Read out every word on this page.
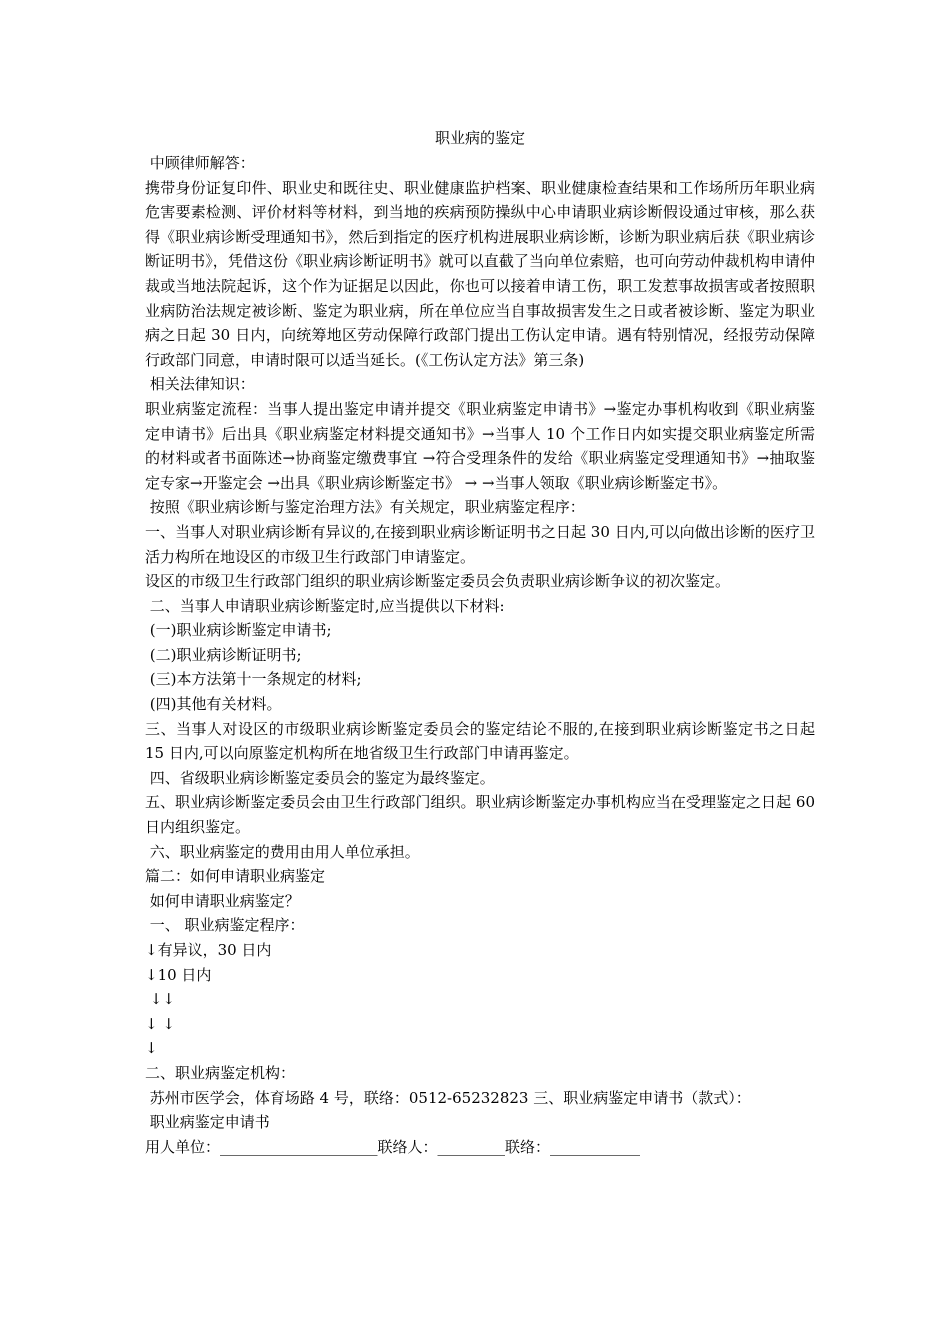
职业病的鉴定

中顾律师解答：

携带身份证复印件、职业史和既往史、职业健康监护档案、职业健康检查结果和工作场所历年职业病危害要素检测、评价材料等材料，到当地的疾病预防操纵中心申请职业病诊断假设通过审核，那么获得《职业病诊断受理通知书》，然后到指定的医疗机构进展职业病诊断，诊断为职业病后获《职业病诊断证明书》，凭借这份《职业病诊断证明书》就可以直截了当向单位索赔，也可向劳动仲裁机构申请仲裁或当地法院起诉，这个作为证据足以因此，你也可以接着申请工伤，职工发惹事故损害或者按照职业病防治法规定被诊断、鉴定为职业病，所在单位应当自事故损害发生之日或者被诊断、鉴定为职业病之日起 30 日内，向统筹地区劳动保障行政部门提出工伤认定申请。遇有特别情况，经报劳动保障行政部门同意，申请时限可以适当延长。(《工伤认定方法》第三条)

相关法律知识：

职业病鉴定流程：当事人提出鉴定申请并提交《职业病鉴定申请书》→鉴定办事机构收到《职业病鉴定申请书》后出具《职业病鉴定材料提交通知书》→当事人 10 个工作日内如实提交职业病鉴定所需的材料或者书面陈述→协商鉴定缴费事宜 →符合受理条件的发给《职业病鉴定受理通知书》→抽取鉴定专家→开鉴定会 →出具《职业病诊断鉴定书》 → →当事人领取《职业病诊断鉴定书》。

按照《职业病诊断与鉴定治理方法》有关规定，职业病鉴定程序：

一、当事人对职业病诊断有异议的,在接到职业病诊断证明书之日起 30 日内,可以向做出诊断的医疗卫活力构所在地设区的市级卫生行政部门申请鉴定。

设区的市级卫生行政部门组织的职业病诊断鉴定委员会负责职业病诊断争议的初次鉴定。

二、当事人申请职业病诊断鉴定时,应当提供以下材料:

(一)职业病诊断鉴定申请书;

(二)职业病诊断证明书;

(三)本方法第十一条规定的材料;

(四)其他有关材料。

三、当事人对设区的市级职业病诊断鉴定委员会的鉴定结论不服的,在接到职业病诊断鉴定书之日起 15 日内,可以向原鉴定机构所在地省级卫生行政部门申请再鉴定。

四、省级职业病诊断鉴定委员会的鉴定为最终鉴定。

五、职业病诊断鉴定委员会由卫生行政部门组织。职业病诊断鉴定办事机构应当在受理鉴定之日起 60 日内组织鉴定。

六、职业病鉴定的费用由用人单位承担。

篇二：如何申请职业病鉴定

如何申请职业病鉴定？

一、 职业病鉴定程序：

↓有异议，30 日内

↓10 日内

↓↓

↓ ↓

↓

二、职业病鉴定机构：

苏州市医学会，体育场路 4 号，联络：0512-65232823 三、职业病鉴定申请书（款式）：

职业病鉴定申请书

用人单位：_____________________联络人：_________联络：____________
